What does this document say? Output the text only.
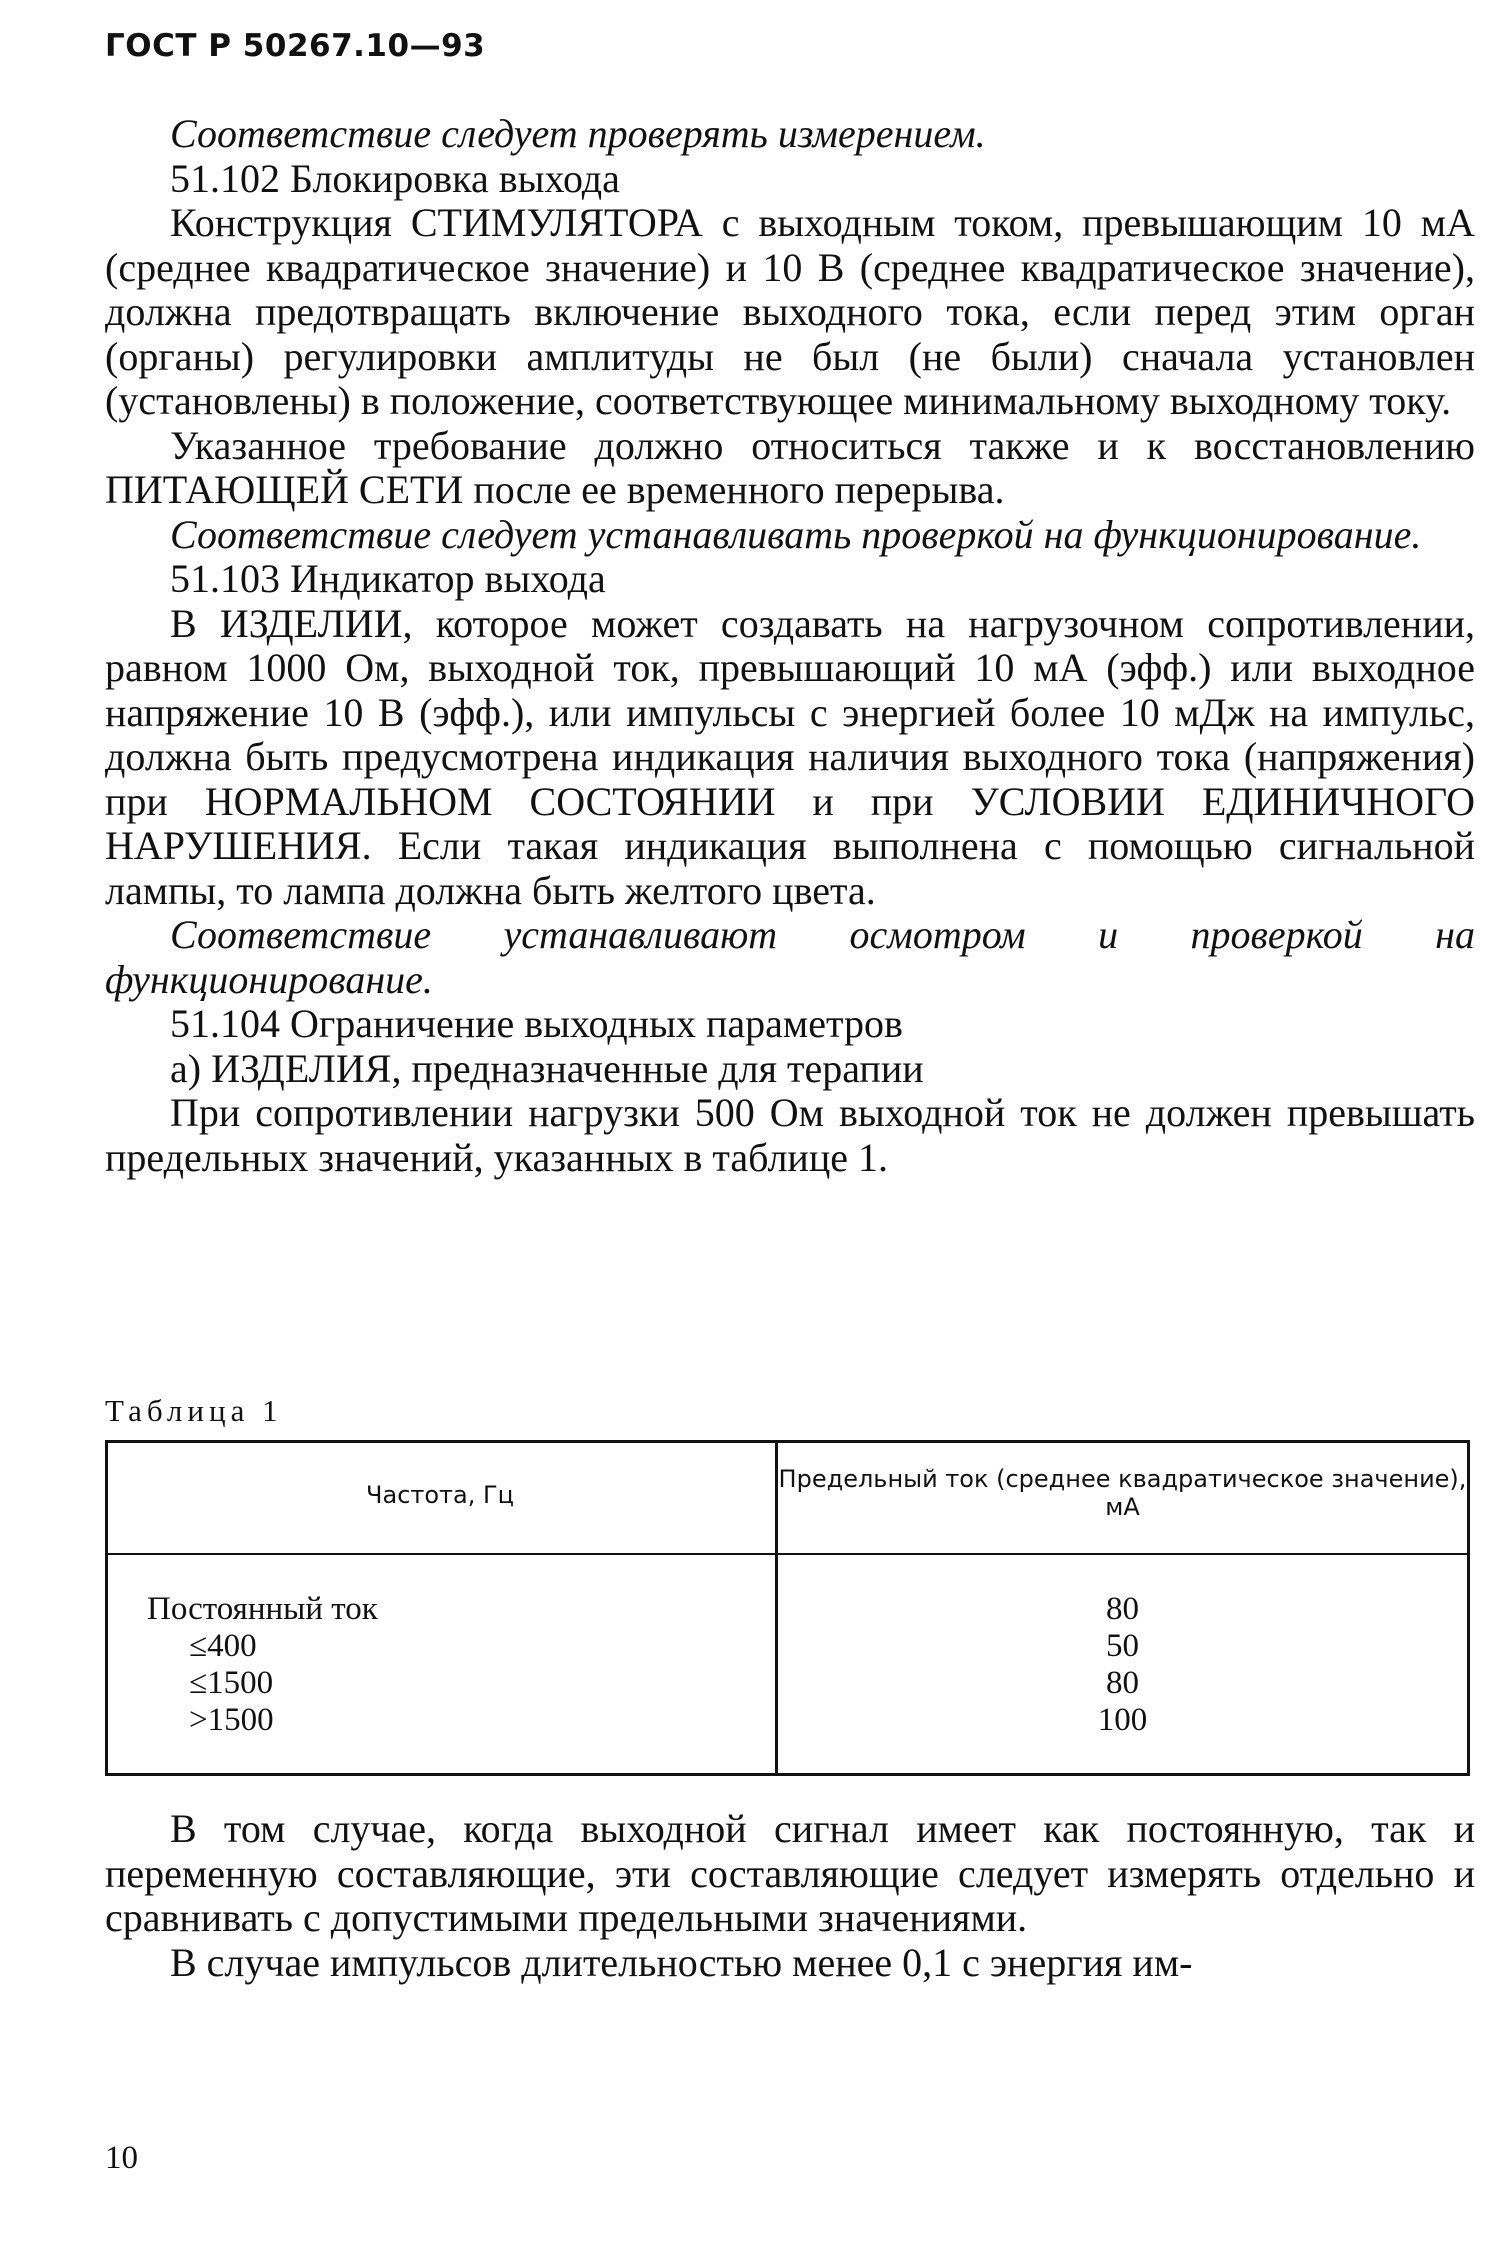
ГОСТ Р 50267.10—93

Соответствие следует проверять измерением.

51.102 Блокировка выхода

Конструкция СТИМУЛЯТОРА с выходным током, превышающим 10 мА (среднее квадратическое значение) и 10 В (среднее квадратическое значение), должна предотвращать включение выходного тока, если перед этим орган (органы) регулировки амплитуды не был (не были) сначала установлен (установлены) в положение, соответствующее минимальному выходному току.

Указанное требование должно относиться также и к восстановлению ПИТАЮЩЕЙ СЕТИ после ее временного перерыва.

Соответствие следует устанавливать проверкой на функционирование.

51.103 Индикатор выхода

В ИЗДЕЛИИ, которое может создавать на нагрузочном сопротивлении, равном 1000 Ом, выходной ток, превышающий 10 мА (эфф.) или выходное напряжение 10 В (эфф.), или импульсы с энергией более 10 мДж на импульс, должна быть предусмотрена индикация наличия выходного тока (напряжения) при НОРМАЛЬНОМ СОСТОЯНИИ и при УСЛОВИИ ЕДИНИЧНОГО НАРУШЕНИЯ. Если такая индикация выполнена с помощью сигнальной лампы, то лампа должна быть желтого цвета.

Соответствие устанавливают осмотром и проверкой на функционирование.

51.104 Ограничение выходных параметров

а) ИЗДЕЛИЯ, предназначенные для терапии

При сопротивлении нагрузки 500 Ом выходной ток не должен превышать предельных значений, указанных в таблице 1.

Таблица 1
Частота, Гц
Предельный ток (среднее квадратическое значение), мА
Постоянный ток
≤400
≤1500
>1500
80
50
80
100

В том случае, когда выходной сигнал имеет как постоянную, так и переменную составляющие, эти составляющие следует измерять отдельно и сравнивать с допустимыми предельными значениями.

В случае импульсов длительностью менее 0,1 с энергия им-

10
